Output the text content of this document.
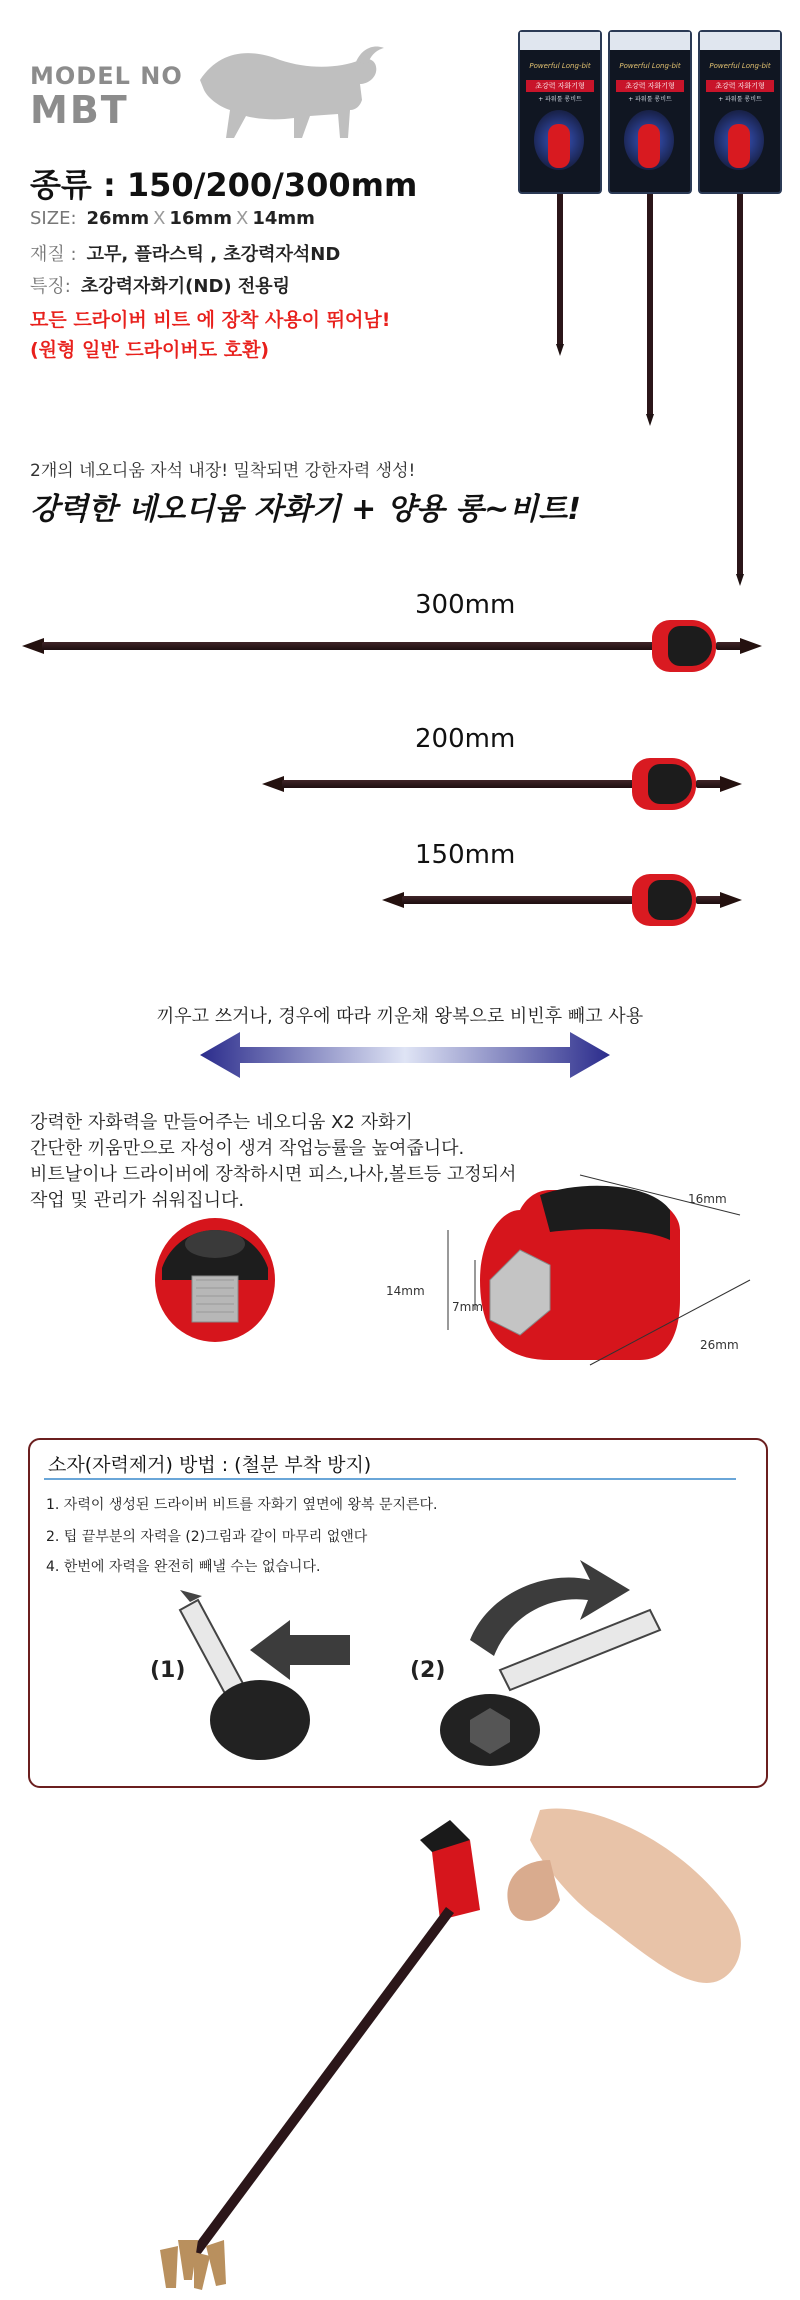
MODEL NO
MBT
종류 : 150/200/300mm
SIZE: 26mm X 16mm X 14mm
재질 : 고무, 플라스틱 , 초강력자석ND
특징: 초강력자화기(ND) 전용링
모든 드라이버 비트 에 장착 사용이 뛰어남!
(원형 일반 드라이버도 호환)
Powerful Long-bit
초강력 자화기형
+ 파워툴 롱비트
Powerful Long-bit
초강력 자화기형
+ 파워툴 롱비트
Powerful Long-bit
초강력 자화기형
+ 파워툴 롱비트
2개의 네오디움 자석 내장! 밀착되면 강한자력 생성!
강력한 네오디움 자화기 + 양용 롱~비트!
300mm
200mm
150mm
끼우고 쓰거나, 경우에 따라 끼운채 왕복으로 비빈후 빼고 사용
강력한 자화력을 만들어주는 네오디움 X2 자화기
간단한 끼움만으로 자성이 생겨 작업능률을 높여줍니다.
비트날이나 드라이버에 장착하시면 피스,나사,볼트등 고정되서
작업 및 관리가 쉬워집니다.	16mm
14mm
7mm
26mm
소자(자력제거) 방법 : (철분 부착 방지)
1. 자력이 생성된 드라이버 비트를 자화기 옆면에 왕복 문지른다.
2. 팁 끝부분의 자력을 (2)그림과 같이 마무리 없앤다
4. 한번에 자력을 완전히 빼낼 수는 없습니다.
(1)	(2)
